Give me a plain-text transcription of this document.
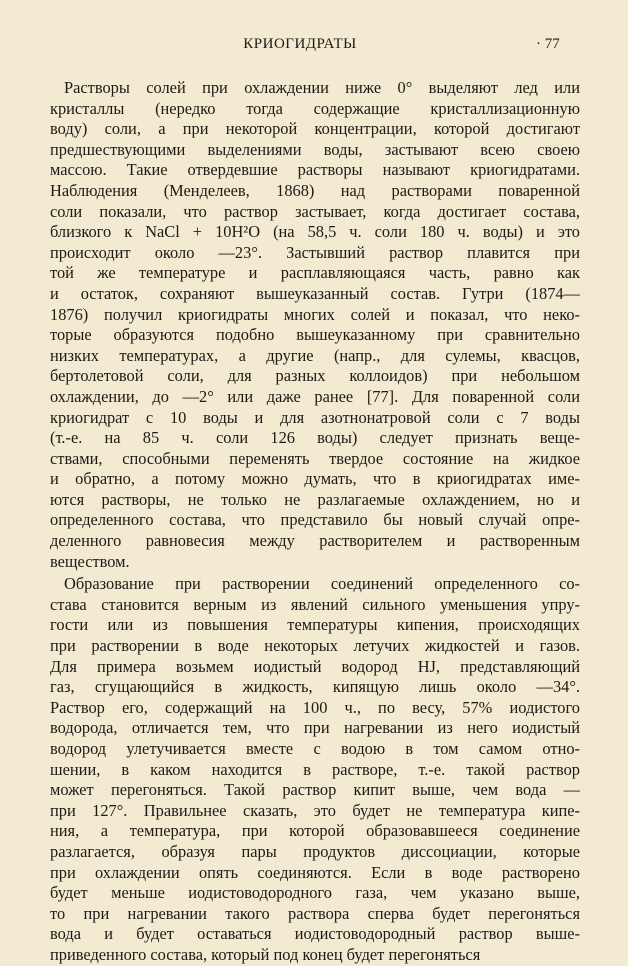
КРИОГИДРАТЫ	· 77
Растворы солей при охлаждении ниже 0° выделяют лед или
кристаллы (нередко тогда содержащие кристаллизационную
воду) соли, а при некоторой концентрации, которой достигают
предшествующими выделениями воды, застывают всею своею
массою. Такие отвердевшие растворы называют криогидратами.
Наблюдения (Менделеев, 1868) над растворами поваренной
соли показали, что раствор застывает, когда достигает состава,
близкого к NaCl + 10H²O (на 58,5 ч. соли 180 ч. воды) и это
происходит около —23°. Застывший раствор плавится при
той же температуре и расплавляющаяся часть, равно как
и остаток, сохраняют вышеуказанный состав. Гутри (1874—
1876) получил криогидраты многих солей и показал, что неко-
торые образуются подобно вышеуказанному при сравнительно
низких температурах, а другие (напр., для сулемы, квасцов,
бертолетовой соли, для разных коллоидов) при небольшом
охлаждении, до —2° или даже ранее [77]. Для поваренной соли
криогидрат с 10 воды и для азотнонатровой соли с 7 воды
(т.-е. на 85 ч. соли 126 воды) следует признать веще-
ствами, способными переменять твердое состояние на жидкое
и обратно, а потому можно думать, что в криогидратах име-
ются растворы, не только не разлагаемые охлаждением, но и
определенного состава, что представило бы новый случай опре-
деленного равновесия между растворителем и растворенным
веществом.
Образование при растворении соединений определенного со-
става становится верным из явлений сильного уменьшения упру-
гости или из повышения температуры кипения, происходящих
при растворении в воде некоторых летучих жидкостей и газов.
Для примера возьмем иодистый водород HJ, представляющий
газ, сгущающийся в жидкость, кипящую лишь около —34°.
Раствор его, содержащий на 100 ч., по весу, 57% иодистого
водорода, отличается тем, что при нагревании из него иодистый
водород улетучивается вместе с водою в том самом отно-
шении, в каком находится в растворе, т.-е. такой раствор
может перегоняться. Такой раствор кипит выше, чем вода —
при 127°. Правильнее сказать, это будет не температура кипе-
ния, а температура, при которой образовавшееся соединение
разлагается, образуя пары продуктов диссоциации, которые
при охлаждении опять соединяются. Если в воде растворено
будет меньше иодистоводородного газа, чем указано выше,
то при нагревании такого раствора сперва будет перегоняться
вода и будет оставаться иодистоводородный раствор выше-
приведенного состава, который под конец будет перегоняться
